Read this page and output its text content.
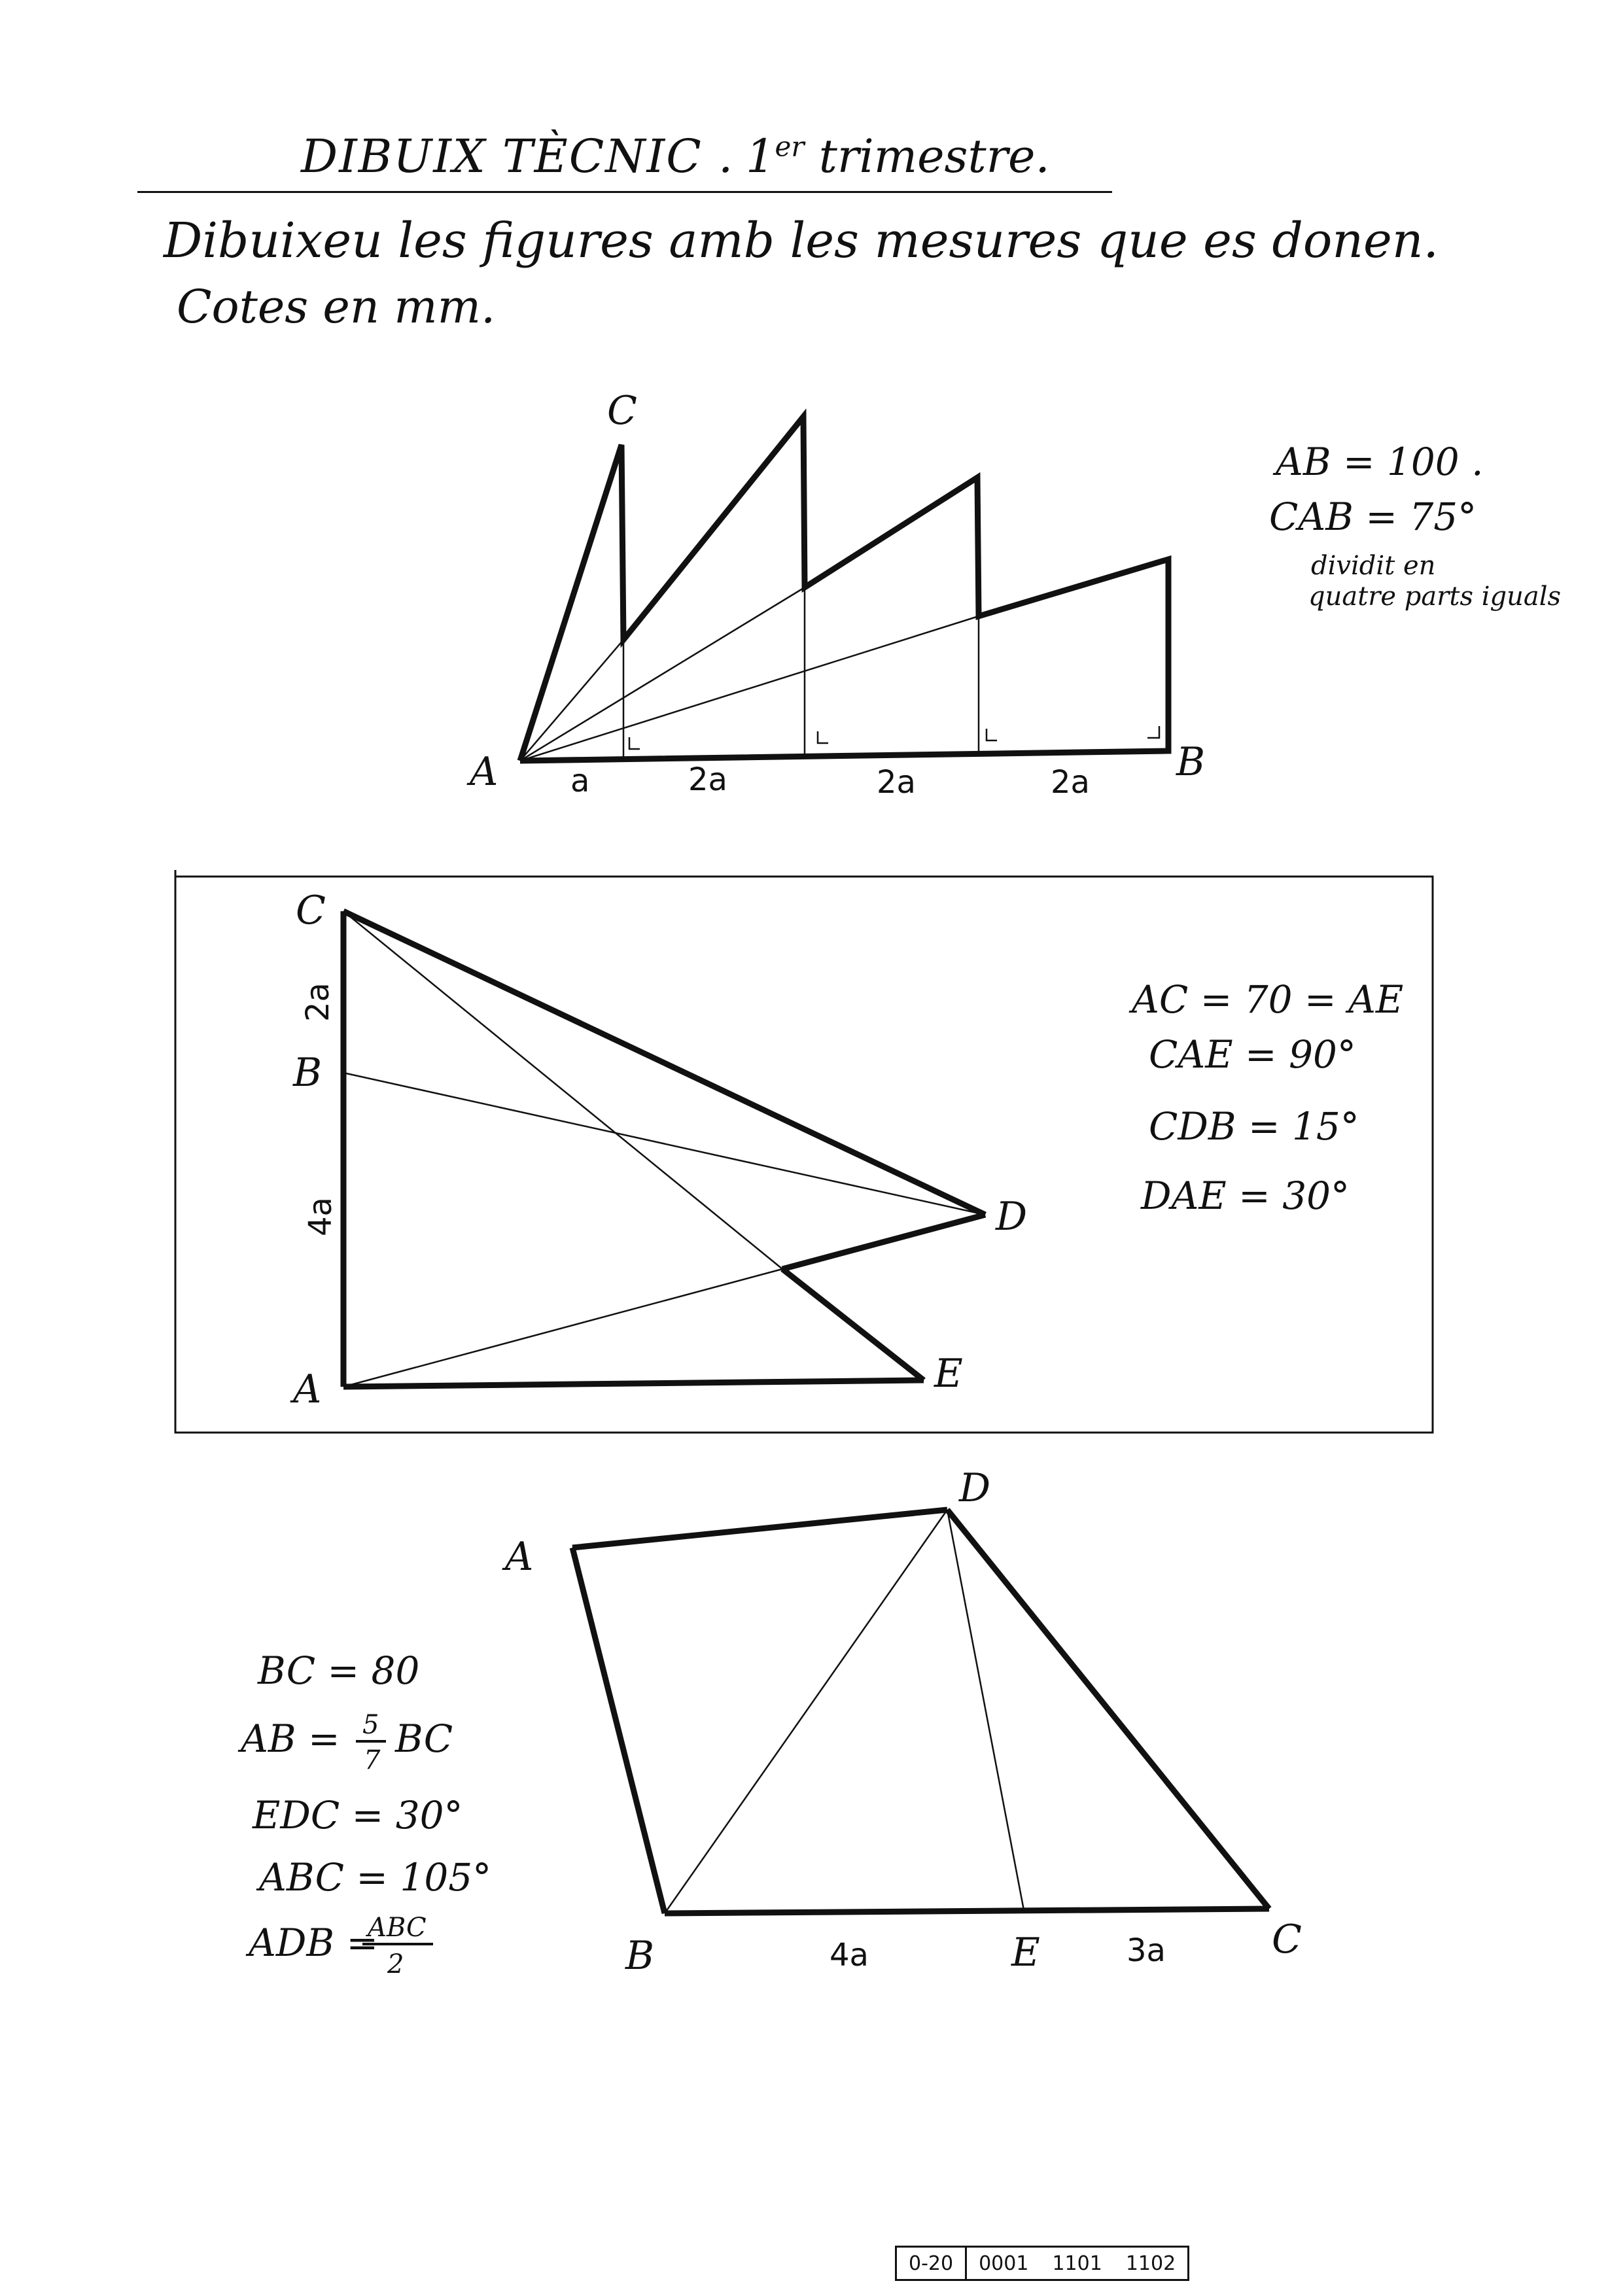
DIBUIX TÈCNIC . 1er trimestre.
Dibuixeu les figures amb les mesures que es donen.
Cotes en mm.
C
A	B
a	2a	2a	2a
AB = 100 .
CAB = 75°
dividit en
quatre parts iguals
C
B
A
D
E
2a
4a
AC = 70 = AE
CAE = 90°
CDB = 15°
DAE = 30°
A
D
B	E	C
4a	3a
BC = 80
AB = 5
7 BC
EDC = 30°
ABC = 105°
ADB =
ABC
2
0-20	0001	1101	1102
